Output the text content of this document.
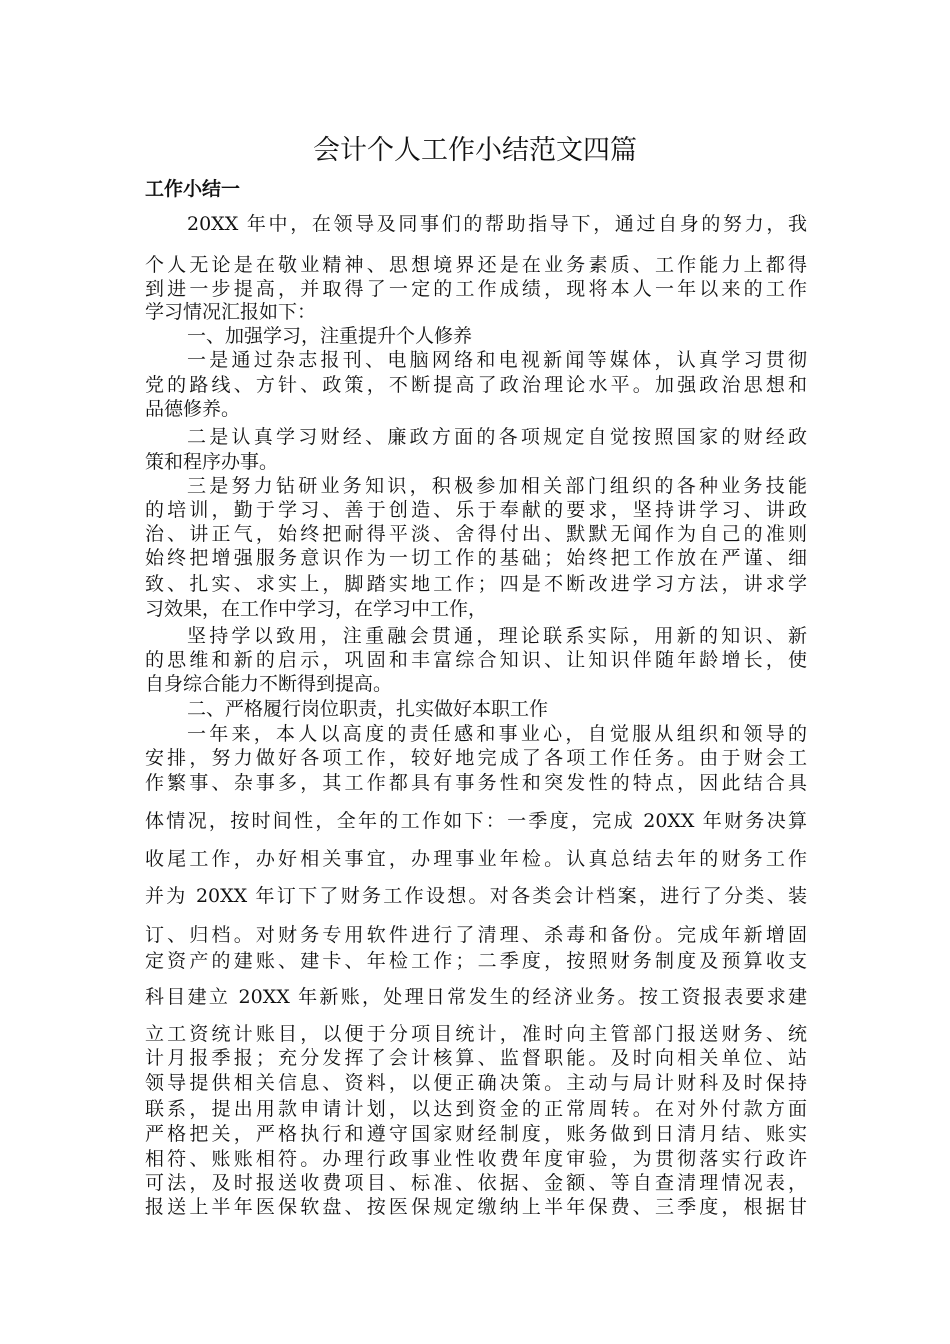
会计个人工作小结范文四篇
工作小结一
20XX 年中，在领导及同事们的帮助指导下，通过自身的努力，我
个人无论是在敬业精神、思想境界还是在业务素质、工作能力上都得
到进一步提高，并取得了一定的工作成绩，现将本人一年以来的工作
学习情况汇报如下：
一、加强学习，注重提升个人修养
一是通过杂志报刊、电脑网络和电视新闻等媒体，认真学习贯彻
党的路线、方针、政策，不断提高了政治理论水平。加强政治思想和
品德修养。
二是认真学习财经、廉政方面的各项规定自觉按照国家的财经政
策和程序办事。
三是努力钻研业务知识，积极参加相关部门组织的各种业务技能
的培训，勤于学习、善于创造、乐于奉献的要求，坚持讲学习、讲政
治、讲正气，始终把耐得平淡、舍得付出、默默无闻作为自己的准则
始终把增强服务意识作为一切工作的基础；始终把工作放在严谨、细
致、扎实、求实上，脚踏实地工作；四是不断改进学习方法，讲求学
习效果，在工作中学习，在学习中工作，
坚持学以致用，注重融会贯通，理论联系实际，用新的知识、新
的思维和新的启示，巩固和丰富综合知识、让知识伴随年龄增长，使
自身综合能力不断得到提高。
二、严格履行岗位职责，扎实做好本职工作
一年来，本人以高度的责任感和事业心，自觉服从组织和领导的
安排，努力做好各项工作，较好地完成了各项工作任务。由于财会工
作繁事、杂事多，其工作都具有事务性和突发性的特点，因此结合具
体情况，按时间性，全年的工作如下：一季度，完成 20XX 年财务决算
收尾工作，办好相关事宜，办理事业年检。认真总结去年的财务工作
并为 20XX 年订下了财务工作设想。对各类会计档案，进行了分类、装
订、归档。对财务专用软件进行了清理、杀毒和备份。完成年新增固
定资产的建账、建卡、年检工作；二季度，按照财务制度及预算收支
科目建立 20XX 年新账，处理日常发生的经济业务。按工资报表要求建
立工资统计账目，以便于分项目统计，准时向主管部门报送财务、统
计月报季报；充分发挥了会计核算、监督职能。及时向相关单位、站
领导提供相关信息、资料，以便正确决策。主动与局计财科及时保持
联系，提出用款申请计划，以达到资金的正常周转。在对外付款方面
严格把关，严格执行和遵守国家财经制度，账务做到日清月结、账实
相符、账账相符。办理行政事业性收费年度审验，为贯彻落实行政许
可法，及时报送收费项目、标准、依据、金额、等自查清理情况表，
报送上半年医保软盘、按医保规定缴纳上半年保费、三季度，根据甘
